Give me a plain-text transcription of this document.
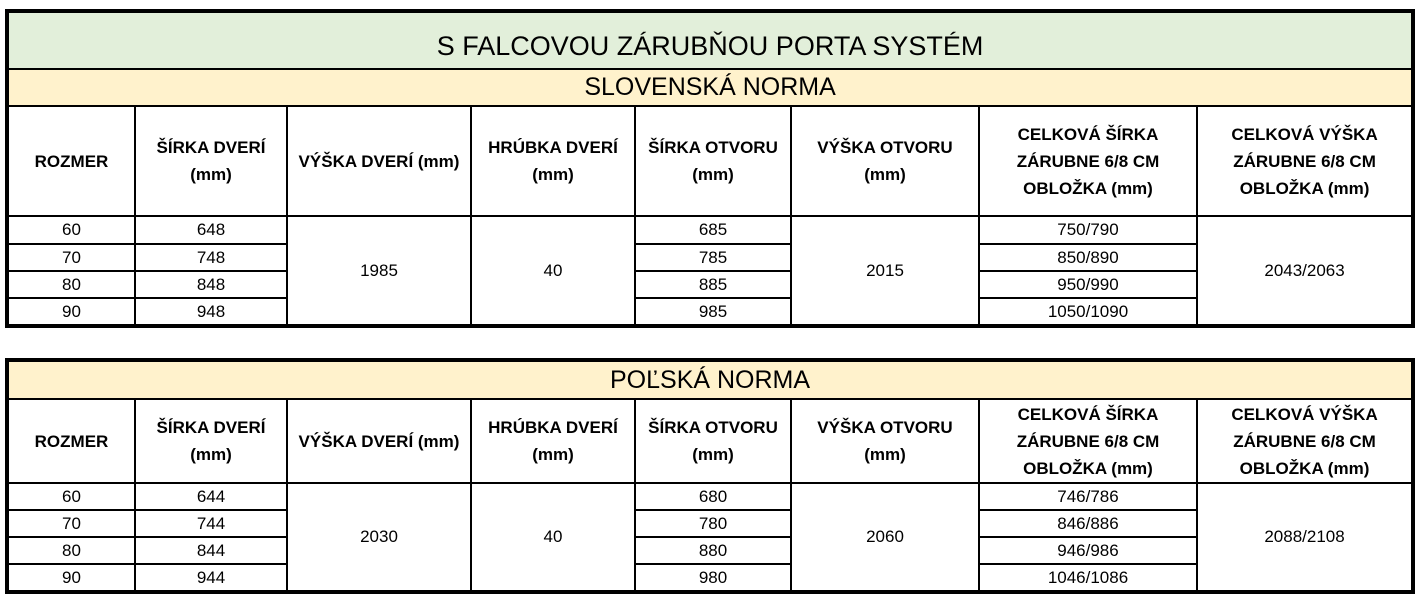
S FALCOVOU ZÁRUBŇOU PORTA SYSTÉM							
SLOVENSKÁ NORMA							
ROZMER	ŠÍRKA DVERÍ (mm)	VÝŠKA DVERÍ (mm)	HRÚBKA DVERÍ (mm)	ŠÍRKA OTVORU (mm)	VÝŠKA OTVORU (mm)	CELKOVÁ ŠÍRKA ZÁRUBNE 6/8 CM OBLOŽKA (mm)	CELKOVÁ VÝŠKA ZÁRUBNE 6/8 CM OBLOŽKA (mm)
60	648	1985	40	685	2015	750/790	2043/2063
70	748			785		850/890	
80	848			885		950/990	
90	948			985		1050/1090	
POĽSKÁ NORMA							
ROZMER	ŠÍRKA DVERÍ (mm)	VÝŠKA DVERÍ (mm)	HRÚBKA DVERÍ (mm)	ŠÍRKA OTVORU (mm)	VÝŠKA OTVORU (mm)	CELKOVÁ ŠÍRKA ZÁRUBNE 6/8 CM OBLOŽKA (mm)	CELKOVÁ VÝŠKA ZÁRUBNE 6/8 CM OBLOŽKA (mm)
60	644	2030	40	680	2060	746/786	2088/2108
70	744			780		846/886	
80	844			880		946/986	
90	944			980		1046/1086	
